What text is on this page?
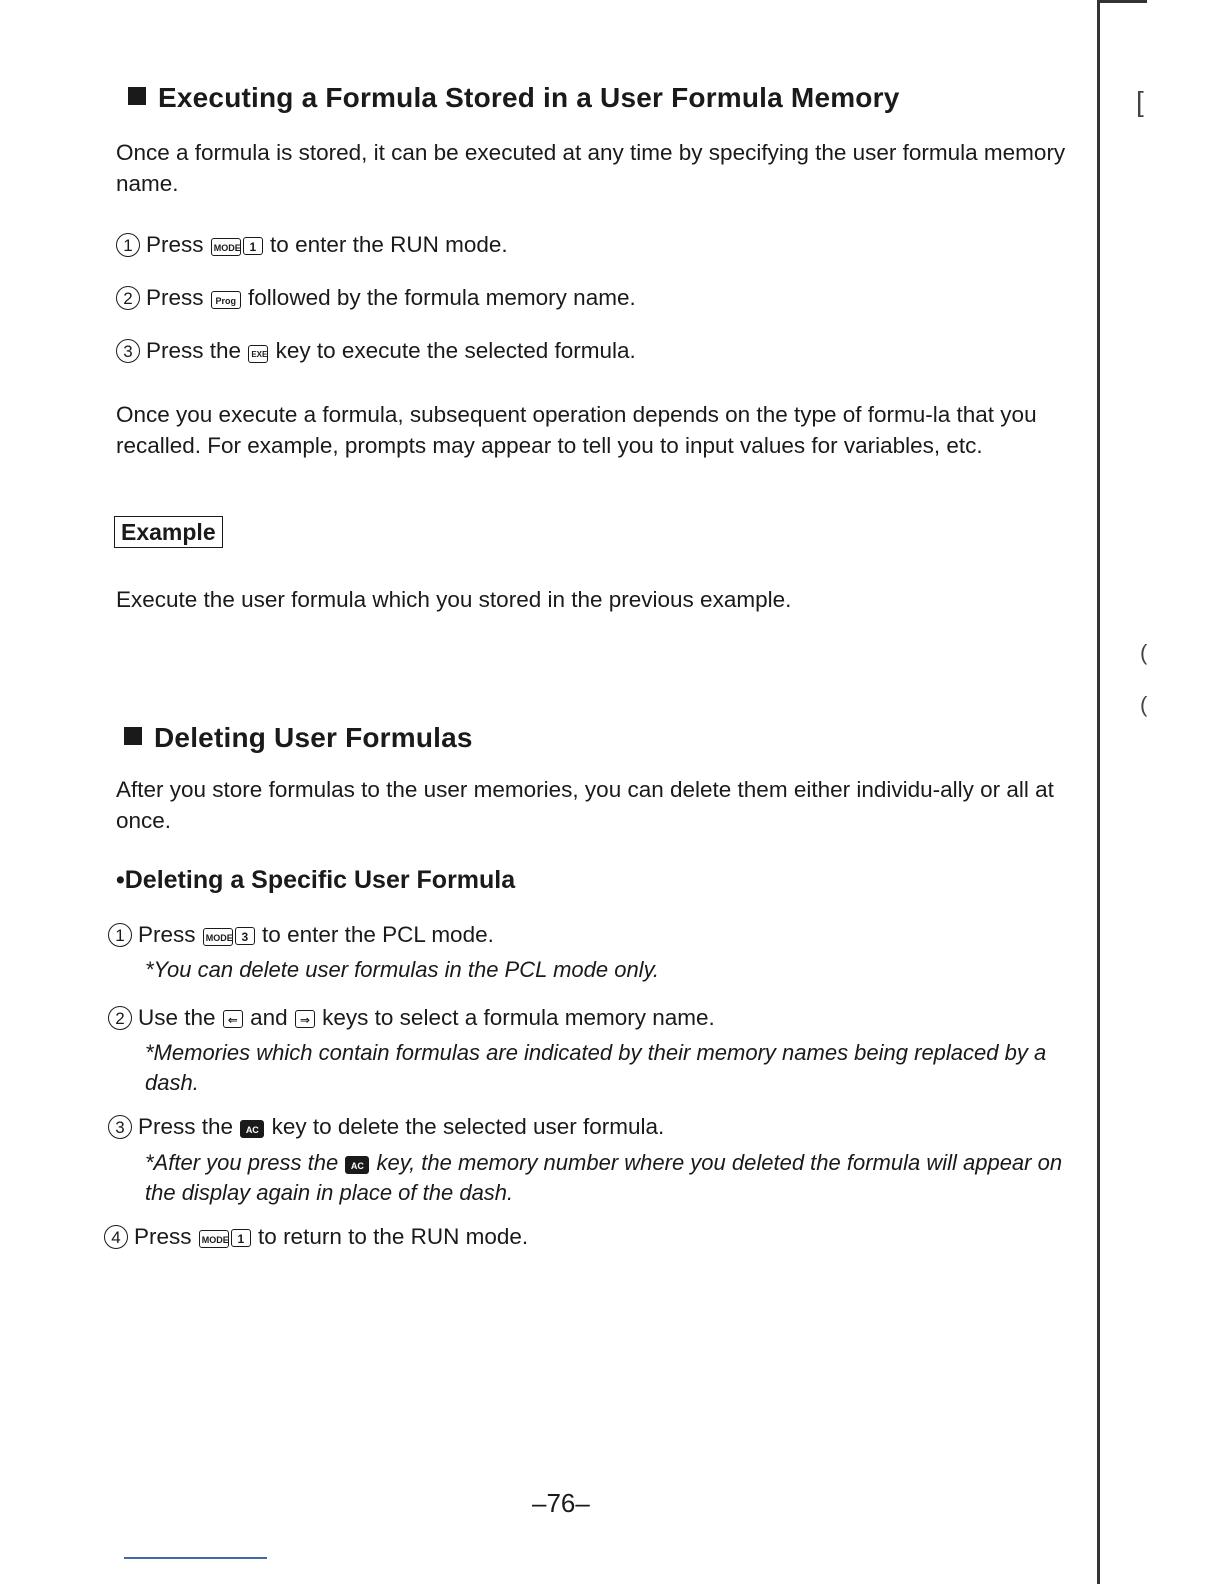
[
(
(
Executing a Formula Stored in a User Formula Memory
Once a formula is stored, it can be executed at any time by specifying the user formula memory name.
1 Press MODE 1 to enter the RUN mode.
2 Press Prog followed by the formula memory name.
3 Press the EXE key to execute the selected formula.
Once you execute a formula, subsequent operation depends on the type of formu-la that you recalled. For example, prompts may appear to tell you to input values for variables, etc.
Example
Execute the user formula which you stored in the previous example.
Deleting User Formulas
After you store formulas to the user memories, you can delete them either individu-ally or all at once.
•Deleting a Specific User Formula
1 Press MODE 3 to enter the PCL mode.
*You can delete user formulas in the PCL mode only.
2 Use the ⇐ and ⇒ keys to select a formula memory name.
*Memories which contain formulas are indicated by their memory names being replaced by a dash.
3 Press the AC key to delete the selected user formula.
*After you press the AC key, the memory number where you deleted the formula will appear on the display again in place of the dash.
4 Press MODE 1 to return to the RUN mode.
–76–
